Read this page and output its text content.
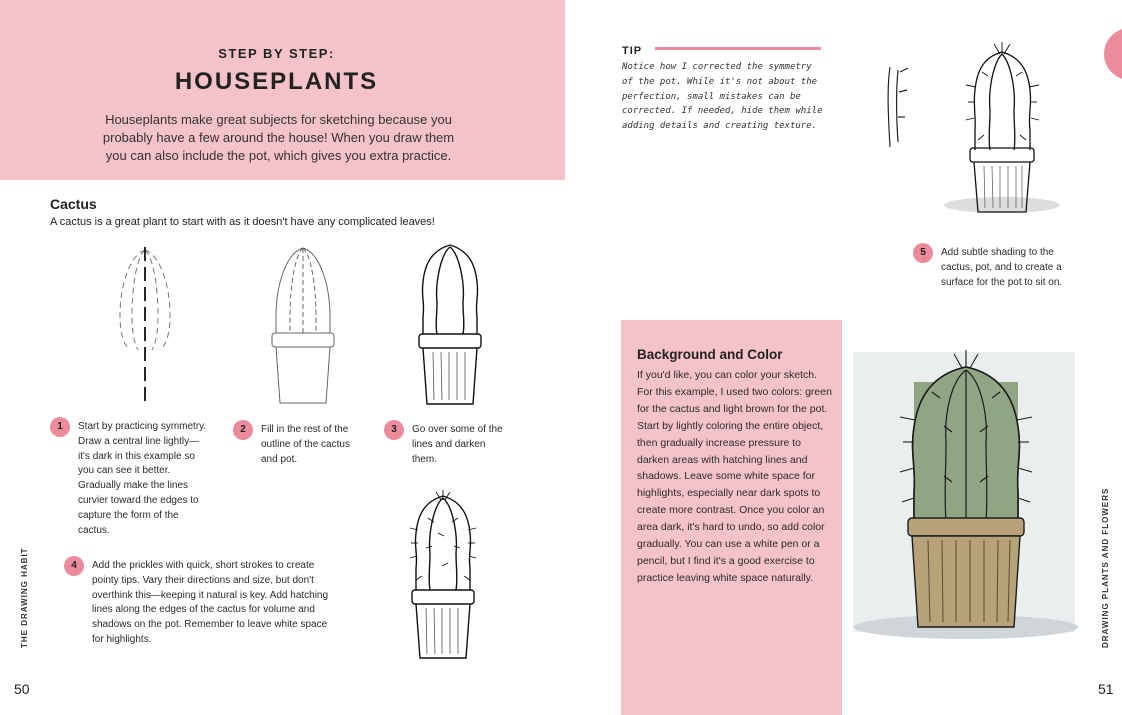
STEP BY STEP:
HOUSEPLANTS
Houseplants make great subjects for sketching because you probably have a few around the house! When you draw them you can also include the pot, which gives you extra practice.
Cactus
A cactus is a great plant to start with as it doesn't have any complicated leaves!
1	Start by practicing symmetry. Draw a central line lightly—it's dark in this example so you can see it better. Gradually make the lines curvier toward the edges to capture the form of the cactus.
2	Fill in the rest of the outline of the cactus and pot.
3	Go over some of the lines and darken them.
4	Add the prickles with quick, short strokes to create pointy tips. Vary their directions and size, but don't overthink this—keeping it natural is key. Add hatching lines along the edges of the cactus for volume and shadows on the pot. Remember to leave white space for highlights.
THE DRAWING HABIT
50
TIP
Notice how I corrected the symmetry of the pot. While it's not about the perfection, small mistakes can be corrected. If needed, hide them while adding details and creating texture.
5	Add subtle shading to the cactus, pot, and to create a surface for the pot to sit on.
Background and Color
If you'd like, you can color your sketch. For this example, I used two colors: green for the cactus and light brown for the pot. Start by lightly coloring the entire object, then gradually increase pressure to darken areas with hatching lines and shadows. Leave some white space for highlights, especially near dark spots to create more contrast. Once you color an area dark, it's hard to undo, so add color gradually. You can use a white pen or a pencil, but I find it's a good exercise to practice leaving white space naturally.	DRAWING PLANTS AND FLOWERS
51
